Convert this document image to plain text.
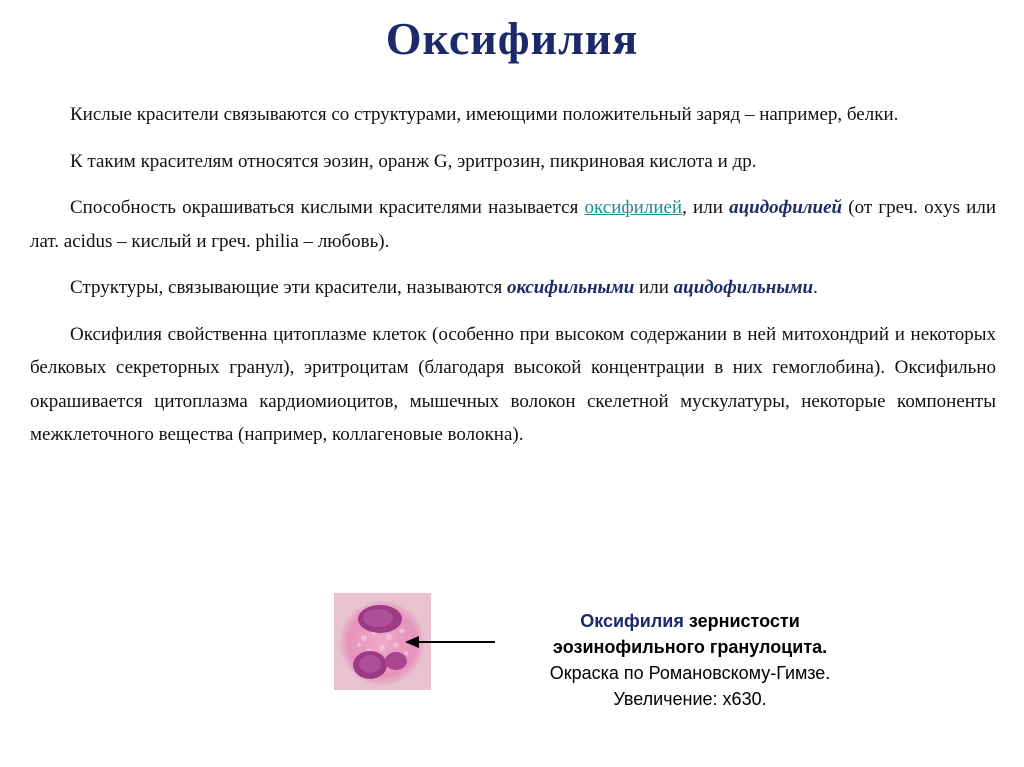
Оксифилия

Кислые красители связываются со структурами, имеющими положительный заряд – например, белки.

К таким красителям относятся эозин, оранж G, эритрозин, пикриновая кислота и др.

Способность окрашиваться кислыми красителями называется оксифилией, или ацидофилией (от греч. oxys или лат. acidus – кислый и греч. philia – любовь).

Структуры, связывающие эти красители, называются оксифильными или ацидофильными.

Оксифилия свойственна цитоплазме клеток (особенно при высоком содержании в ней митохондрий и некоторых белковых секреторных гранул), эритроцитам (благодаря высокой концентрации в них гемоглобина). Оксифильно окрашивается цитоплазма кардиомиоцитов, мышечных волокон скелетной мускулатуры, некоторые компоненты межклеточного вещества (например, коллагеновые волокна).

Оксифилия зернистости
эозинофильного гранулоцита.
Окраска по Романовскому-Гимзе.
Увеличение: х630.
